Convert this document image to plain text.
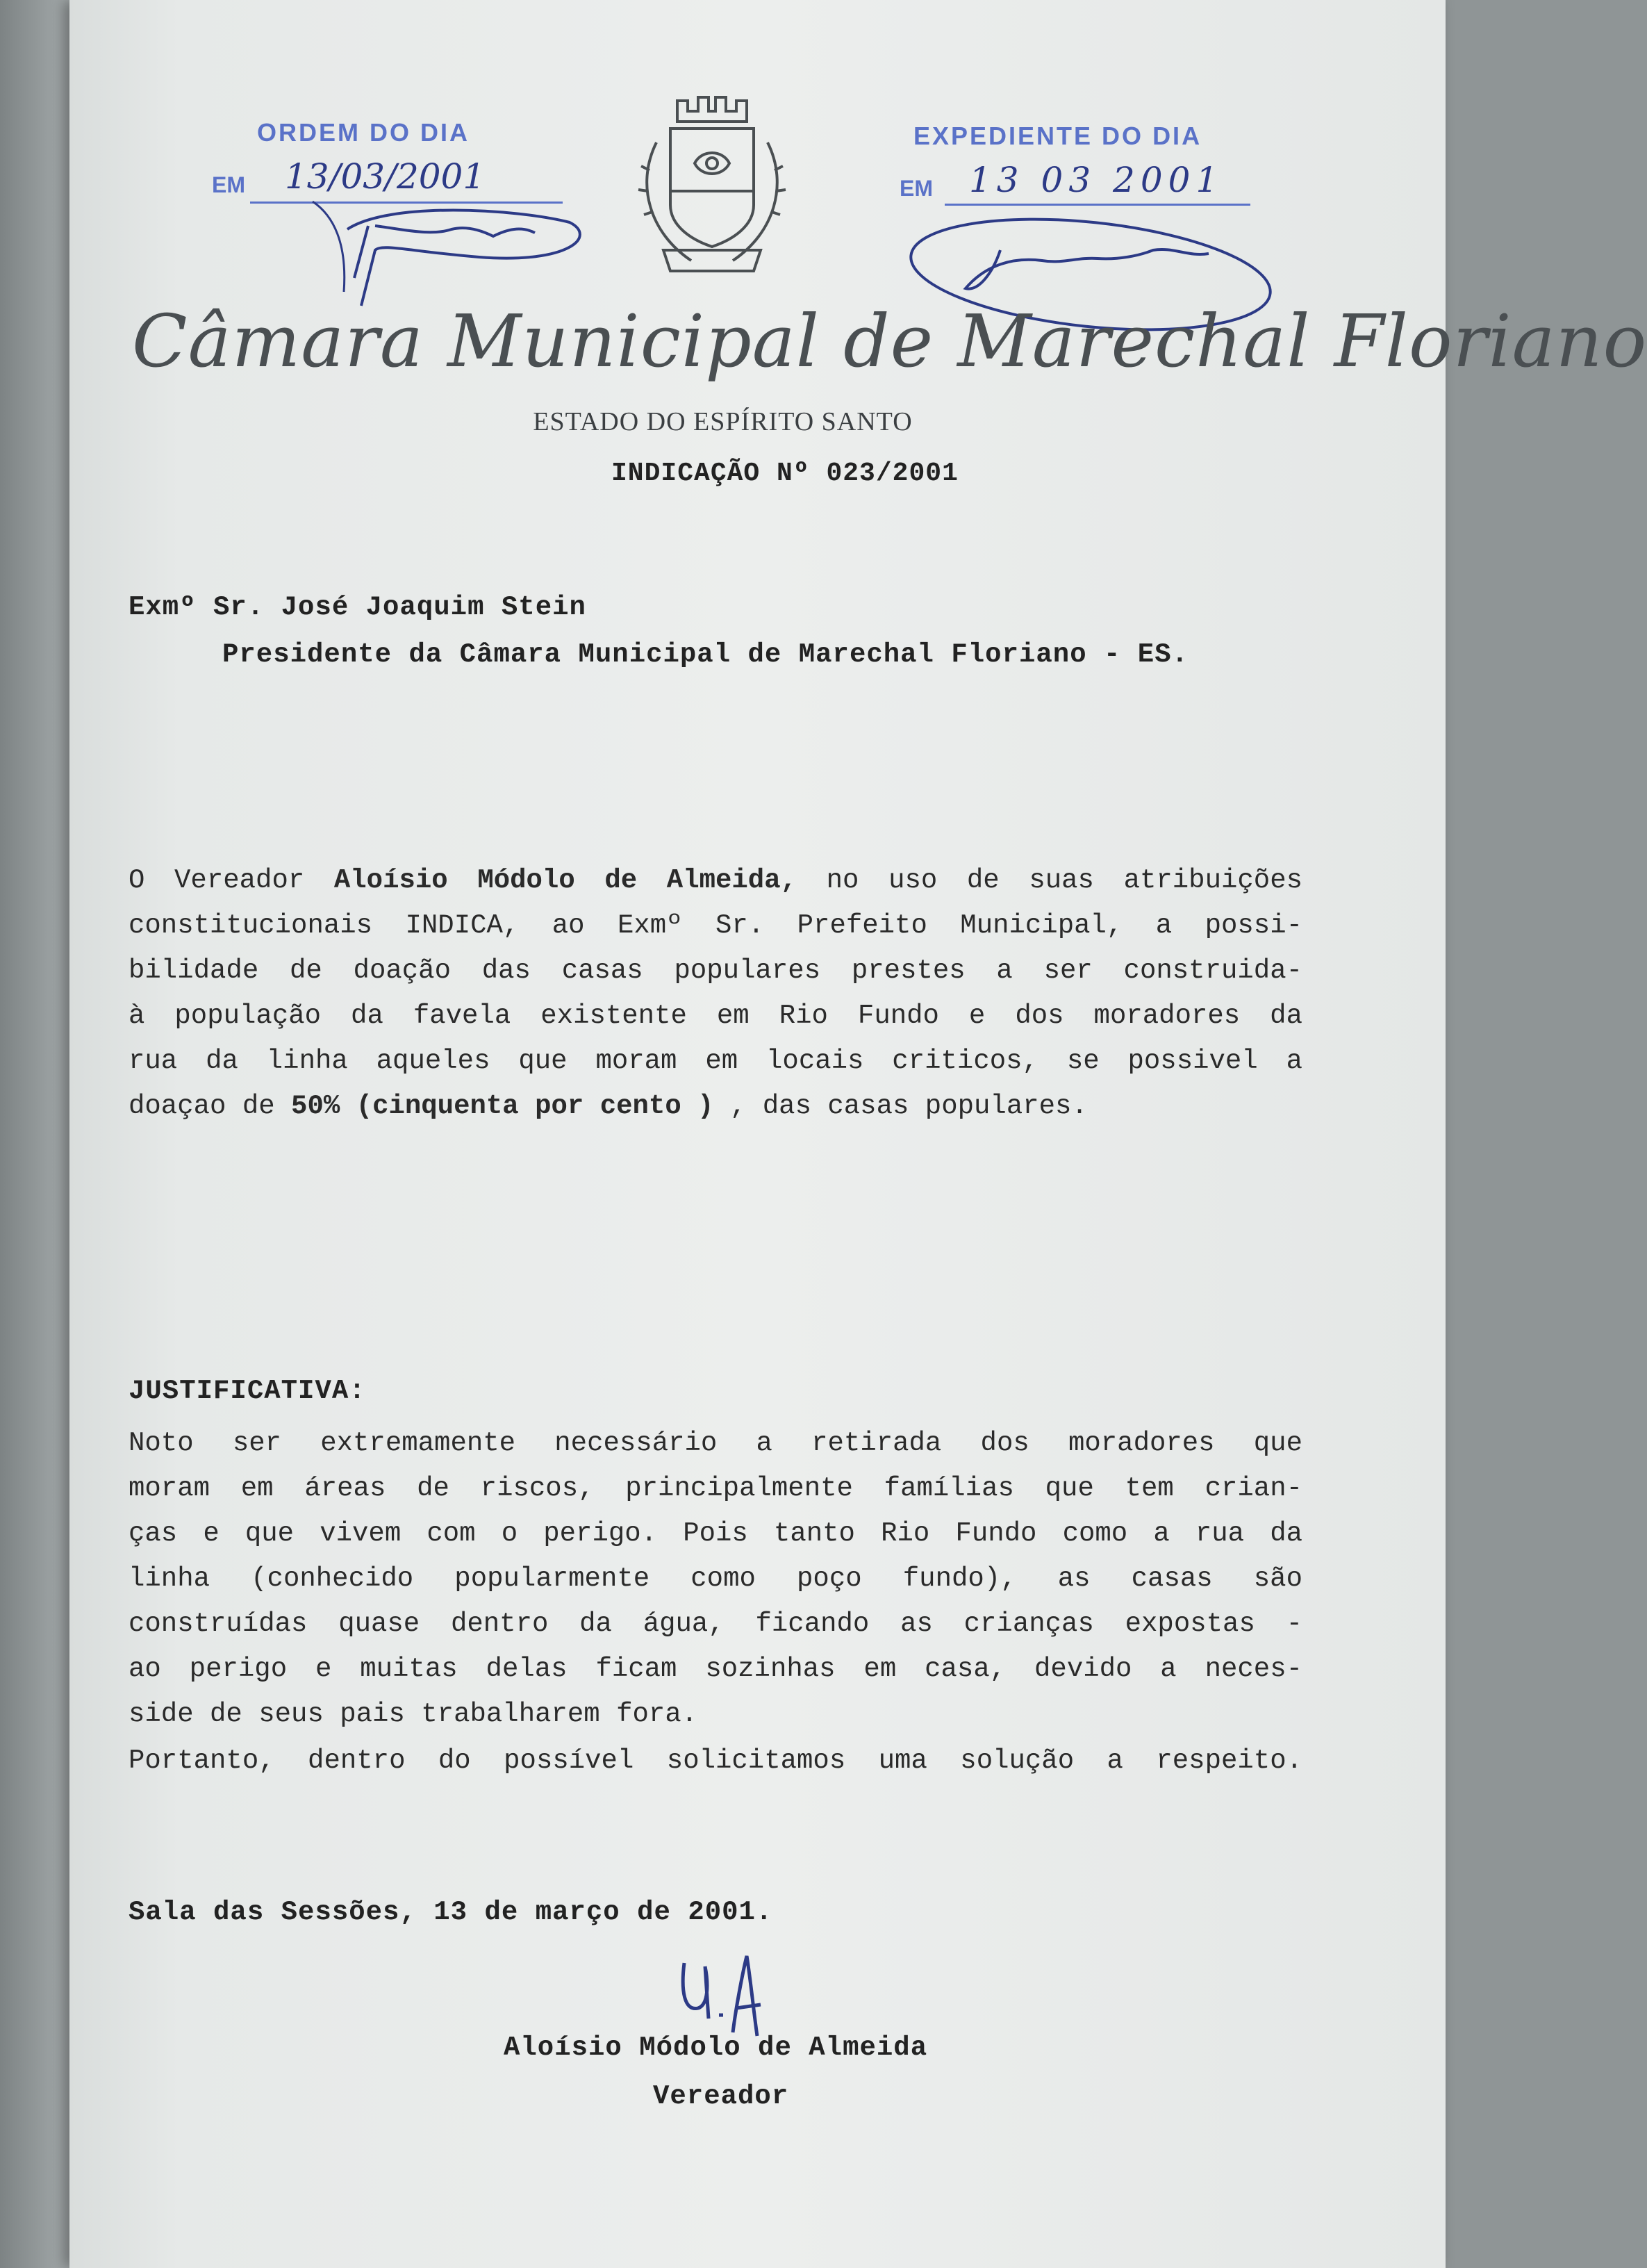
ORDEM DO DIA
EM 13/03/2001
EXPEDIENTE DO DIA
EM 13 03 2001
Câmara Municipal de Marechal Floriano
ESTADO DO ESPÍRITO SANTO
INDICAÇÃO Nº 023/2001
Exmº Sr. José Joaquim Stein
Presidente da Câmara Municipal de Marechal Floriano - ES.
O Vereador Aloísio Módolo de Almeida, no uso de suas atribuições
constitucionais INDICA, ao Exmº Sr. Prefeito Municipal, a possi-
bilidade de doação das casas populares prestes a ser construida-
à população da favela existente em Rio Fundo e dos moradores da
rua da linha aqueles que moram em locais criticos, se possivel a
doaçao de 50% (cinquenta por cento ) , das casas populares.
JUSTIFICATIVA:
Noto ser extremamente necessário a retirada dos moradores que
moram em áreas de riscos, principalmente famílias que tem crian-
ças e que vivem com o perigo. Pois tanto Rio Fundo como a rua da
linha (conhecido popularmente como poço fundo), as casas são
construídas quase dentro da água, ficando as crianças expostas -
ao perigo e muitas delas ficam sozinhas em casa, devido a neces-
side de seus pais trabalharem fora.
Portanto, dentro do possível solicitamos uma solução a respeito.
Sala das Sessões, 13 de março de 2001.
Aloísio Módolo de Almeida
Vereador
